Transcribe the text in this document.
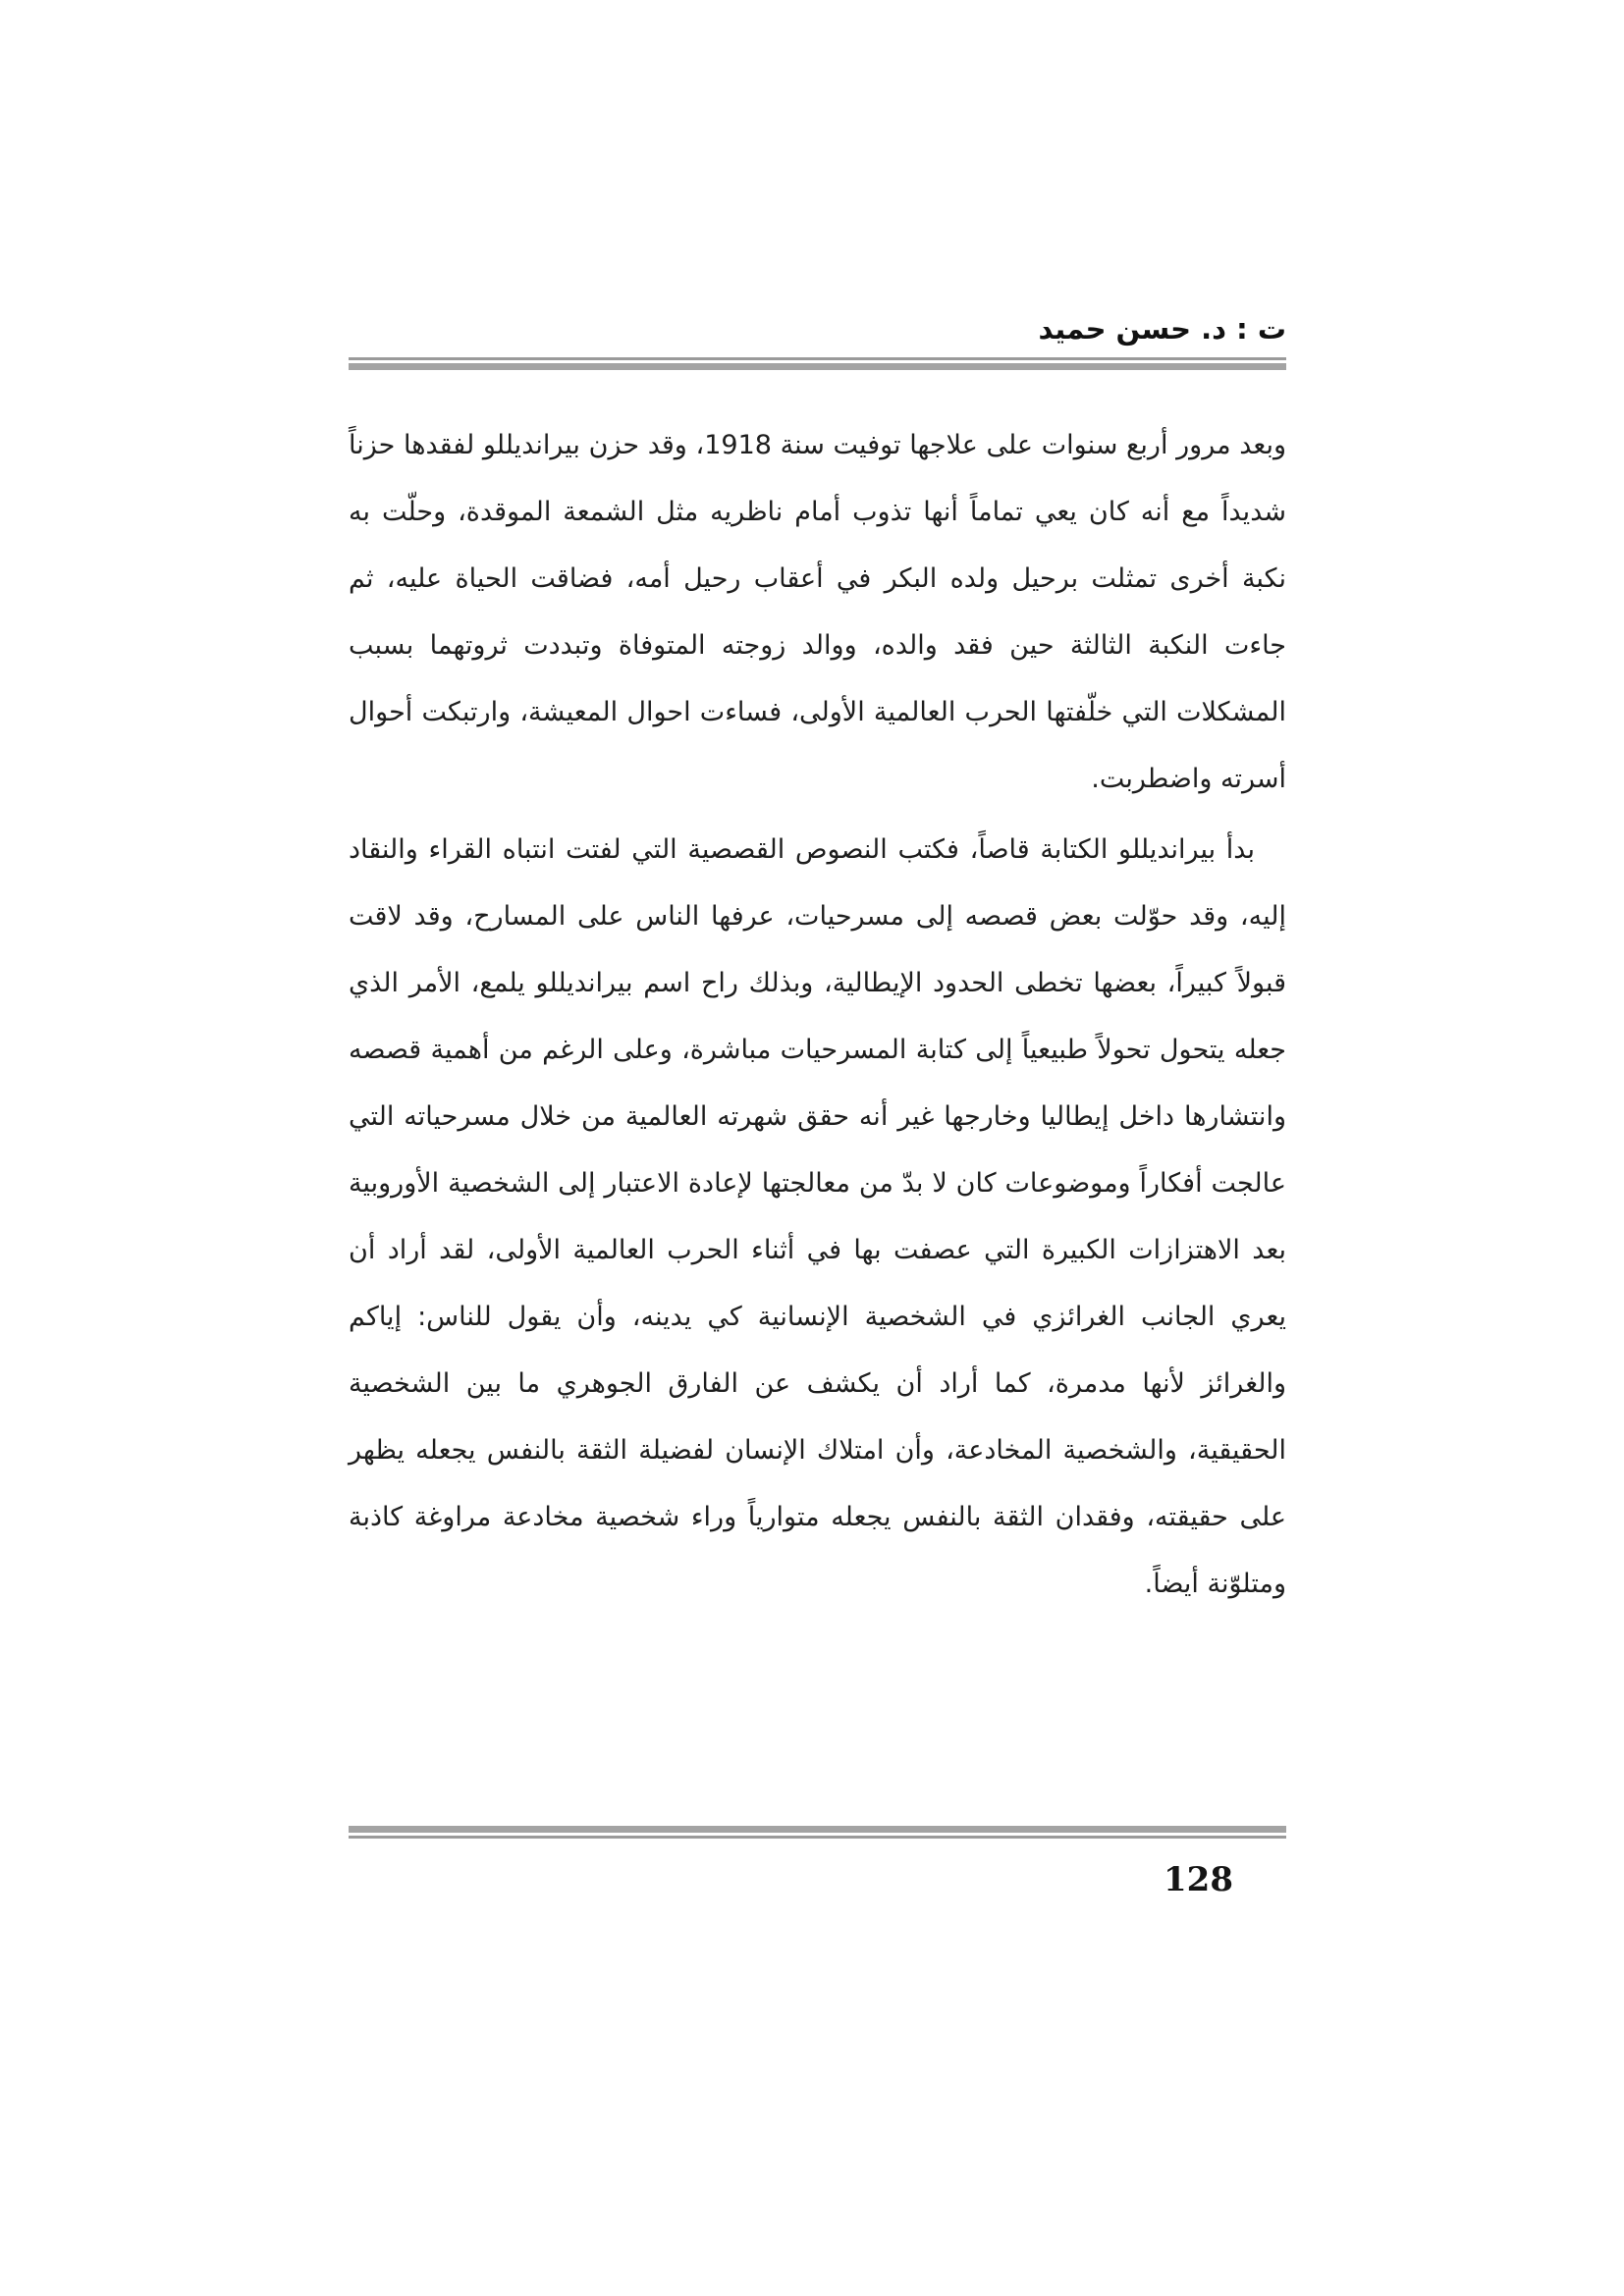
ت : د. حسن حميد

وبعد مرور أربع سنوات على علاجها توفيت سنة 1918، وقد حزن بيرانديللو لفقدها حزناً شديداً مع أنه كان يعي تماماً أنها تذوب أمام ناظريه مثل الشمعة الموقدة، وحلّت به نكبة أخرى تمثلت برحيل ولده البكر في أعقاب رحيل أمه، فضاقت الحياة عليه، ثم جاءت النكبة الثالثة حين فقد والده، ووالد زوجته المتوفاة وتبددت ثروتهما بسبب المشكلات التي خلّفتها الحرب العالمية الأولى، فساءت احوال المعيشة، وارتبكت أحوال أسرته واضطربت.

بدأ بيرانديللو الكتابة قاصاً، فكتب النصوص القصصية التي لفتت انتباه القراء والنقاد إليه، وقد حوّلت بعض قصصه إلى مسرحيات، عرفها الناس على المسارح، وقد لاقت قبولاً كبيراً، بعضها تخطى الحدود الإيطالية، وبذلك راح اسم بيرانديللو يلمع، الأمر الذي جعله يتحول تحولاً طبيعياً إلى كتابة المسرحيات مباشرة، وعلى الرغم من أهمية قصصه وانتشارها داخل إيطاليا وخارجها غير أنه حقق شهرته العالمية من خلال مسرحياته التي عالجت أفكاراً وموضوعات كان لا بدّ من معالجتها لإعادة الاعتبار إلى الشخصية الأوروبية بعد الاهتزازات الكبيرة التي عصفت بها في أثناء الحرب العالمية الأولى، لقد أراد أن يعري الجانب الغرائزي في الشخصية الإنسانية كي يدينه، وأن يقول للناس: إياكم والغرائز لأنها مدمرة، كما أراد أن يكشف عن الفارق الجوهري ما بين الشخصية الحقيقية، والشخصية المخادعة، وأن امتلاك الإنسان لفضيلة الثقة بالنفس يجعله يظهر على حقيقته، وفقدان الثقة بالنفس يجعله متوارياً وراء شخصية مخادعة مراوغة كاذبة ومتلوّنة أيضاً.

128
